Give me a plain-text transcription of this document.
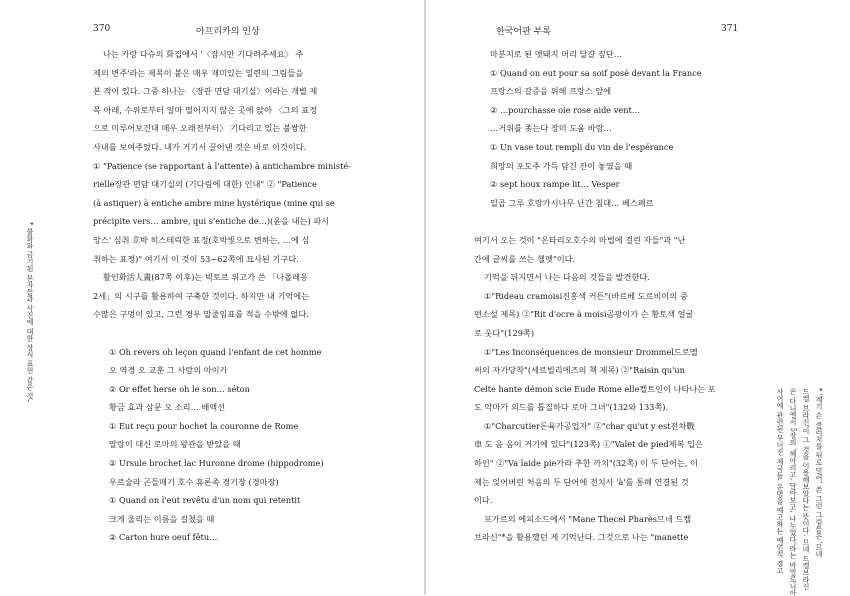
370	아프리카의 인상
나는 카랑 다슈의 화집에서 '〈잠시만 기다려주세요〉 주
제의 변주'라는 제목이 붙은 매우 재미있는 일련의 그림들을
본 적이 있다. 그중 하나는 〈장관 면담 대기실〉이라는 개별 제
목 아래, 수위로부터 얼마 떨어지지 않은 곳에 앉아 〈그의 표정
으로 미루어보건대 매우 오래전부터〉 기다리고 있는 불쌍한
사내를 보여주었다. 내가 거기서 끌어낸 것은 바로 이것이다.
① "Patience (se rapportant à l'attente) à antichambre ministé-
rielle장관 면담 대기실의 (기다림에 대한) 인내" ② "Patience
(à astiquer) à entiche ambre mine hystérique (mine qui se
précipite vers… ambre, qui s'entiche de…)(윤을 내는) 파시
앙스' 심취 호박 히스테릭한 표정(호박빛으로 변하는, …에 심
취하는 표정)" 여기서 이 것이 53~62쪽에 묘사된 기구다.
활인화活人畫(87쪽 이후)는 빅토르 위고가 쓴 「나폴레옹
2세」의 시구를 활용하여 구축한 것이다. 하지만 내 기억에는
수많은 구멍이 있고, 그런 경우 말줄임표를 적을 수밖에 없다.
① Oh revers oh leçon quand l'enfant de cet homme
오 역경 오 교훈 그 사람의 아이가
② Or effet herse oh le son… séton
황금 효과 삼문 오 소리… 배액선
① Eut reçu pour hochet la couronne de Rome
딸랑이 대신 로마의 왕관을 받았을 때
② Ursule brochet lac Huronne drome (hippodrome)
우르술라 곤들매기 호수 휴론족 경기장 (경마장)
① Quand on l'eut revêtu d'un nom qui retentit
크게 울리는 이름을 걸쳤을 때
② Carton hure oeuf fêtu…
* 불화와 금기된 문자들과 사진에 대한 상식 표현 같은 것.
한국어판 부록	371
마분지로 된 멧돼지 머리 달걀 짚단…
① Quand on eut pour sa soif posé devant la France
프랑스의 갈증을 위해 프랑스 앞에
② …pourchasse oie rose aide vent…
…거위를 좇는다 장미 도움 바람…
① Un vase tout rempli du vin de l'espérance
희망의 포도주 가득 담긴 잔이 놓였을 때
② sept houx rampe lit… Vesper
일곱 그루 호랑가시나무 난간 침대… 베스페르
여기서 오는 것이 "온타리오호수의 마법에 걸린 자들"과 "난
간에 글씨를 쓰는 헬멧"이다.
기억을 뒤지면서 나는 다음의 것들을 발견한다.
①"Rideau cramoisi진홍색 커튼"(바르베 도르비이의 중
편소설 제목) ②"Rit d'ocre à moisi곰팡이가 슨 황토색 얼굴
로 웃다"(129쪽)
①"Les Inconséquences de monsieur Drommel드로멜
씨의 자가당착"(세르빌리에즈의 책 제목) ②"Raisin qu'un
Celte hante démon scie Eude Rome elle켈트인이 나타나는 포
도 악마가 외드를 톱질하다 로마 그녀"(132와 133쪽).
①"Charcutier돈육가공업자" ②"char qu'ut y est전차戰
車 도 음 음이 거기에 있다"(123쪽) ①"Valet de pied제복 입은
하인" ②"Va laide pie가라 추한 까치"(32쪽) 이 두 단어는, 이
제는 잊어버린 처음의 두 단어에 전치사 'à'를 통해 연결된 것
이다.
포가르의 에피소드에서 "Mane Thecel Pharès므네 드켈
브라신"*을 활용했던 게 기억난다. 그것으로 나는 "manette	* '계기 손 클러치를 뒤로 밀어' 쓴 그런 그림들은 '므네
드켈 브라신'이 그 것을 이용해보았다는 뜻이다. 므네 드켈브라신
은 다니엘서 5장의 '헤아리고, 달아보고, 나누었다'라는 바빌로니아
사어에 관련된 무너진 제국들. 운명을 예고하는 예언적 경고
